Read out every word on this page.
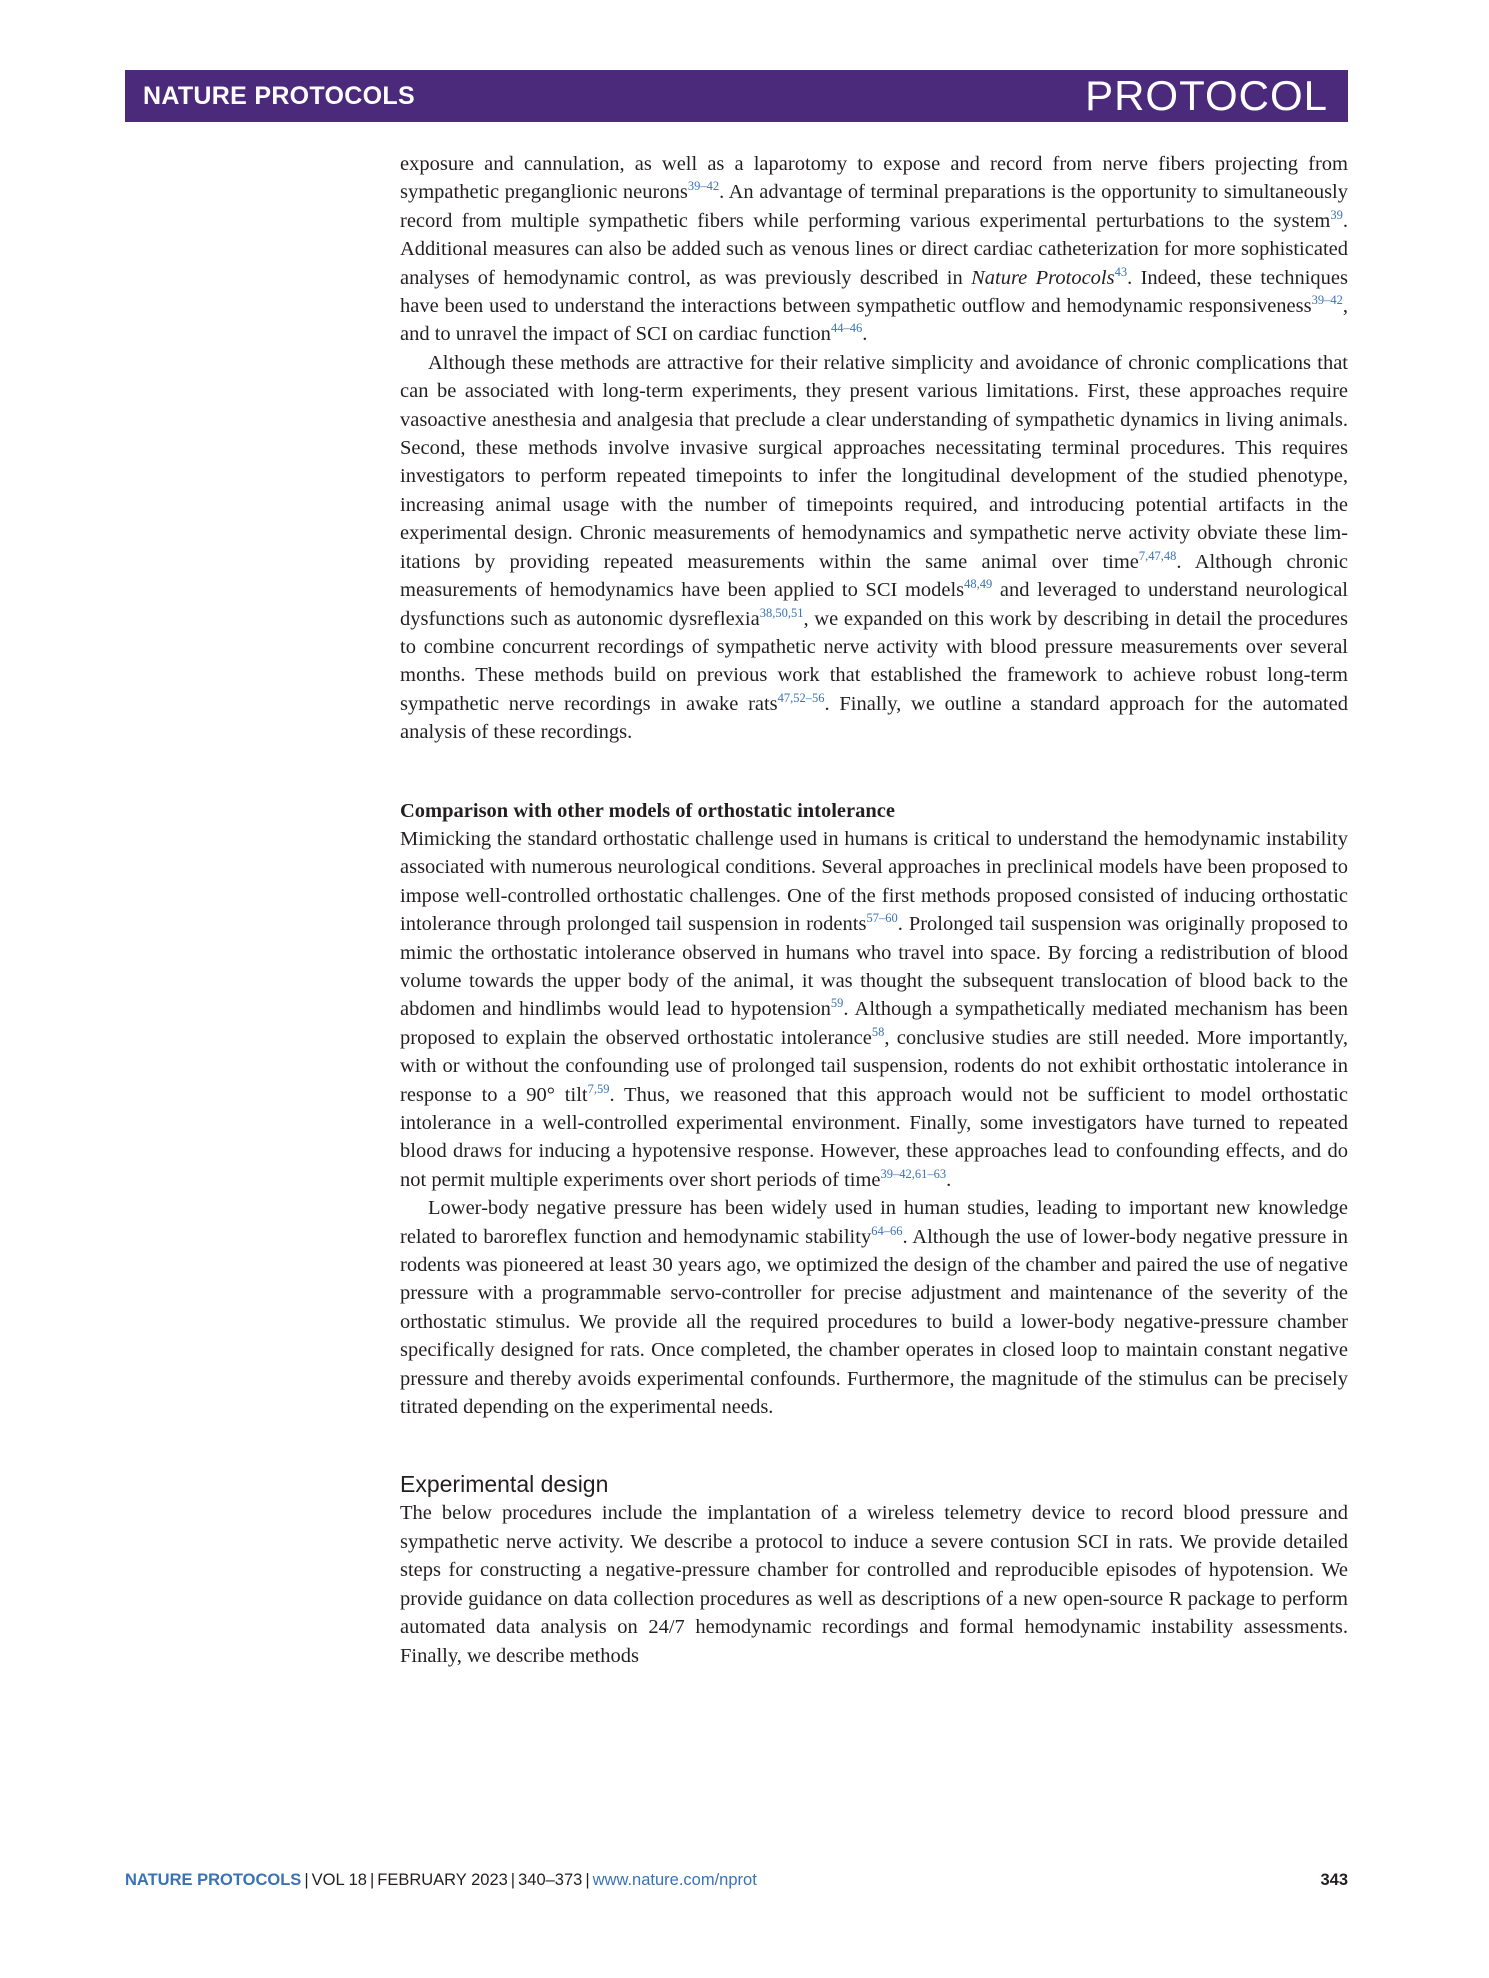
NATURE PROTOCOLS	PROTOCOL

exposure and cannulation, as well as a laparotomy to expose and record from nerve fibers projecting from sympathetic preganglionic neurons$^{39-42}$. An advantage of terminal preparations is the opportunity to simultaneously record from multiple sympathetic fibers while performing various experimental perturbations to the system$^{39}$. Additional measures can also be added such as venous lines or direct cardiac catheterization for more sophisticated analyses of hemodynamic control, as was previously described in Nature Protocols$^{43}$. Indeed, these techniques have been used to understand the interactions between sympathetic outflow and hemodynamic responsiveness$^{39-42}$, and to unravel the impact of SCI on cardiac function$^{44-46}$.

Although these methods are attractive for their relative simplicity and avoidance of chronic complications that can be associated with long-term experiments, they present various limitations. First, these approaches require vasoactive anesthesia and analgesia that preclude a clear understanding of sympathetic dynamics in living animals. Second, these methods involve invasive surgical approaches necessitating terminal procedures. This requires investigators to perform repeated timepoints to infer the longitudinal development of the studied phenotype, increasing animal usage with the number of timepoints required, and introducing potential artifacts in the experimental design. Chronic measurements of hemodynamics and sympathetic nerve activity obviate these limitations by providing repeated measurements within the same animal over time$^{7,47,48}$. Although chronic measurements of hemodynamics have been applied to SCI models$^{48,49}$ and leveraged to understand neurological dysfunctions such as autonomic dysreflexia$^{38,50,51}$, we expanded on this work by describing in detail the procedures to combine concurrent recordings of sympathetic nerve activity with blood pressure measurements over several months. These methods build on previous work that established the framework to achieve robust long-term sympathetic nerve recordings in awake rats$^{47,52-56}$. Finally, we outline a standard approach for the automated analysis of these recordings.

Comparison with other models of orthostatic intolerance

Mimicking the standard orthostatic challenge used in humans is critical to understand the hemodynamic instability associated with numerous neurological conditions. Several approaches in preclinical models have been proposed to impose well-controlled orthostatic challenges. One of the first methods proposed consisted of inducing orthostatic intolerance through prolonged tail suspension in rodents$^{57-60}$. Prolonged tail suspension was originally proposed to mimic the orthostatic intolerance observed in humans who travel into space. By forcing a redistribution of blood volume towards the upper body of the animal, it was thought the subsequent translocation of blood back to the abdomen and hindlimbs would lead to hypotension$^{59}$. Although a sympathetically mediated mechanism has been proposed to explain the observed orthostatic intolerance$^{58}$, conclusive studies are still needed. More importantly, with or without the confounding use of prolonged tail suspension, rodents do not exhibit orthostatic intolerance in response to a 90° tilt$^{7,59}$. Thus, we reasoned that this approach would not be sufficient to model orthostatic intolerance in a well-controlled experimental environment. Finally, some investigators have turned to repeated blood draws for inducing a hypotensive response. However, these approaches lead to confounding effects, and do not permit multiple experiments over short periods of time$^{39-42,61-63}$.

Lower-body negative pressure has been widely used in human studies, leading to important new knowledge related to baroreflex function and hemodynamic stability$^{64-66}$. Although the use of lower-body negative pressure in rodents was pioneered at least 30 years ago, we optimized the design of the chamber and paired the use of negative pressure with a programmable servo-controller for precise adjustment and maintenance of the severity of the orthostatic stimulus. We provide all the required procedures to build a lower-body negative-pressure chamber specifically designed for rats. Once completed, the chamber operates in closed loop to maintain constant negative pressure and thereby avoids experimental confounds. Furthermore, the magnitude of the stimulus can be precisely titrated depending on the experimental needs.

Experimental design

The below procedures include the implantation of a wireless telemetry device to record blood pressure and sympathetic nerve activity. We describe a protocol to induce a severe contusion SCI in rats. We provide detailed steps for constructing a negative-pressure chamber for controlled and reproducible episodes of hypotension. We provide guidance on data collection procedures as well as descriptions of a new open-source R package to perform automated data analysis on 24/7 hemodynamic recordings and formal hemodynamic instability assessments. Finally, we describe methods

NATURE PROTOCOLS | VOL 18 | FEBRUARY 2023 | 340–373 | www.nature.com/nprot	343
